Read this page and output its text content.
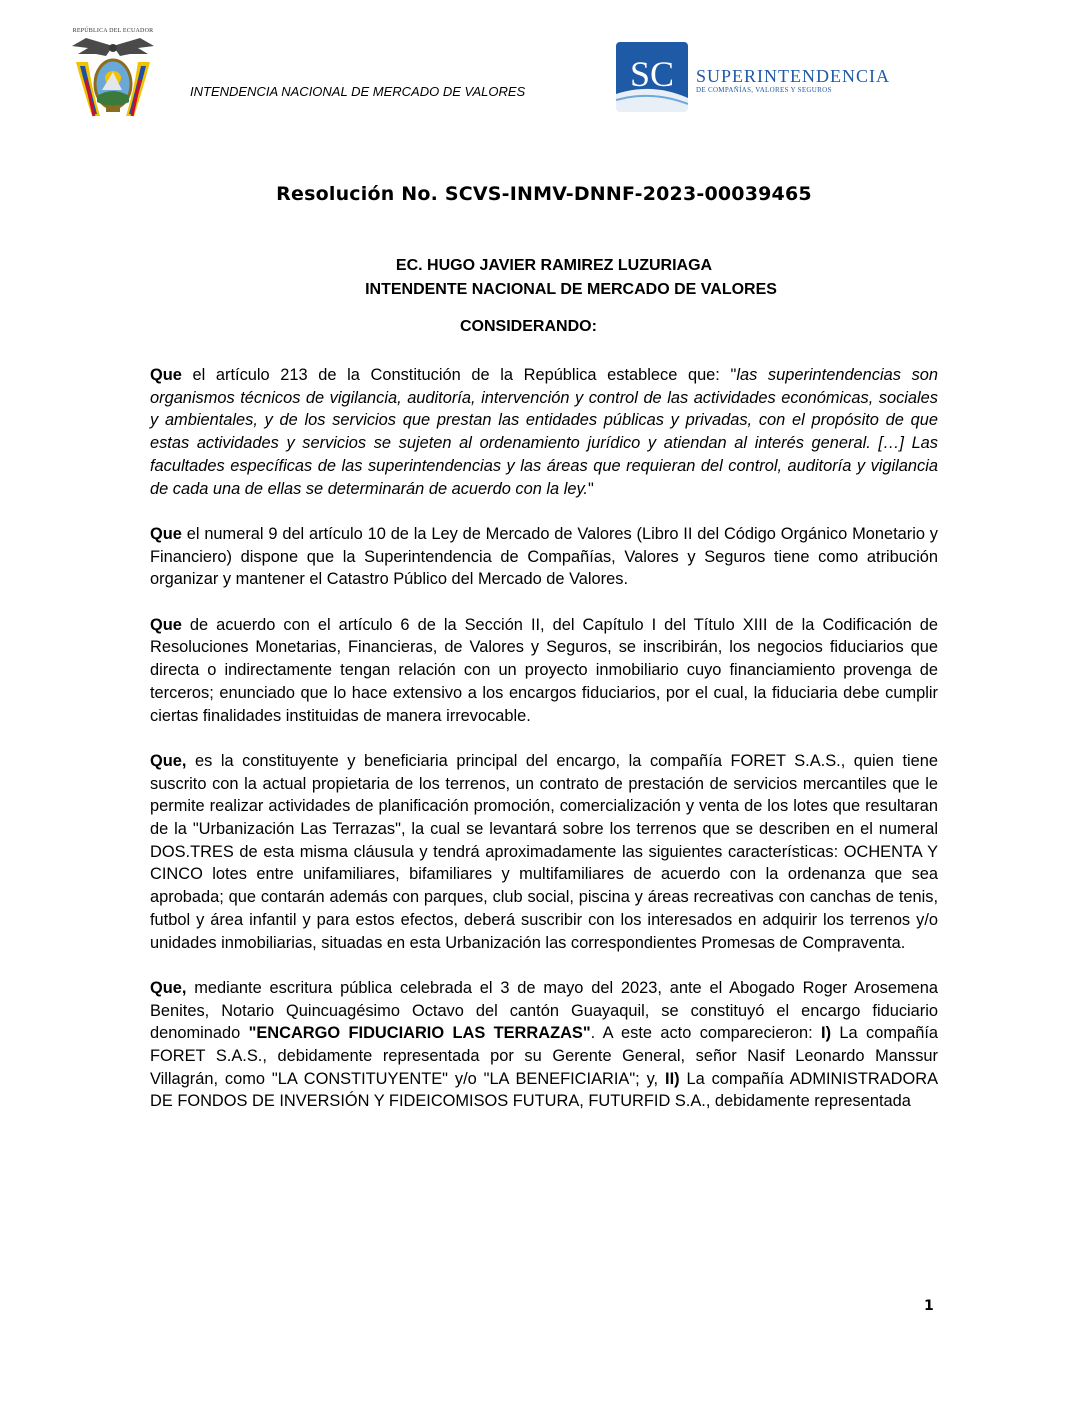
REPÚBLICA DEL ECUADOR
INTENDENCIA NACIONAL DE MERCADO DE VALORES	SC SUPERINTENDENCIA
DE COMPAÑÍAS, VALORES Y SEGUROS
Resolución No. SCVS-INMV-DNNF-2023-00039465
EC. HUGO JAVIER RAMIREZ LUZURIAGA
INTENDENTE NACIONAL DE MERCADO DE VALORES
CONSIDERANDO:

Que el artículo 213 de la Constitución de la República establece que: "las superintendencias son organismos técnicos de vigilancia, auditoría, intervención y control de las actividades económicas, sociales y ambientales, y de los servicios que prestan las entidades públicas y privadas, con el propósito de que estas actividades y servicios se sujeten al ordenamiento jurídico y atiendan al interés general. […] Las facultades específicas de las superintendencias y las áreas que requieran del control, auditoría y vigilancia de cada una de ellas se determinarán de acuerdo con la ley."

Que el numeral 9 del artículo 10 de la Ley de Mercado de Valores (Libro II del Código Orgánico Monetario y Financiero) dispone que la Superintendencia de Compañías, Valores y Seguros tiene como atribución organizar y mantener el Catastro Público del Mercado de Valores.

Que de acuerdo con el artículo 6 de la Sección II, del Capítulo I del Título XIII de la Codificación de Resoluciones Monetarias, Financieras, de Valores y Seguros, se inscribirán, los negocios fiduciarios que directa o indirectamente tengan relación con un proyecto inmobiliario cuyo financiamiento provenga de terceros; enunciado que lo hace extensivo a los encargos fiduciarios, por el cual, la fiduciaria debe cumplir ciertas finalidades instituidas de manera irrevocable.

Que, es la constituyente y beneficiaria principal del encargo, la compañía FORET S.A.S., quien tiene suscrito con la actual propietaria de los terrenos, un contrato de prestación de servicios mercantiles que le permite realizar actividades de planificación promoción, comercialización y venta de los lotes que resultaran de la "Urbanización Las Terrazas", la cual se levantará sobre los terrenos que se describen en el numeral DOS.TRES de esta misma cláusula y tendrá aproximadamente las siguientes características: OCHENTA Y CINCO lotes entre unifamiliares, bifamiliares y multifamiliares de acuerdo con la ordenanza que sea aprobada; que contarán además con parques, club social, piscina y áreas recreativas con canchas de tenis, futbol y área infantil y para estos efectos, deberá suscribir con los interesados en adquirir los terrenos y/o unidades inmobiliarias, situadas en esta Urbanización las correspondientes Promesas de Compraventa.

Que, mediante escritura pública celebrada el 3 de mayo del 2023, ante el Abogado Roger Arosemena Benites, Notario Quincuagésimo Octavo del cantón Guayaquil, se constituyó el encargo fiduciario denominado "ENCARGO FIDUCIARIO LAS TERRAZAS". A este acto comparecieron: I) La compañía FORET S.A.S., debidamente representada por su Gerente General, señor Nasif Leonardo Manssur Villagrán, como "LA CONSTITUYENTE" y/o "LA BENEFICIARIA"; y, II) La compañía ADMINISTRADORA DE FONDOS DE INVERSIÓN Y FIDEICOMISOS FUTURA, FUTURFID S.A., debidamente representada

1
